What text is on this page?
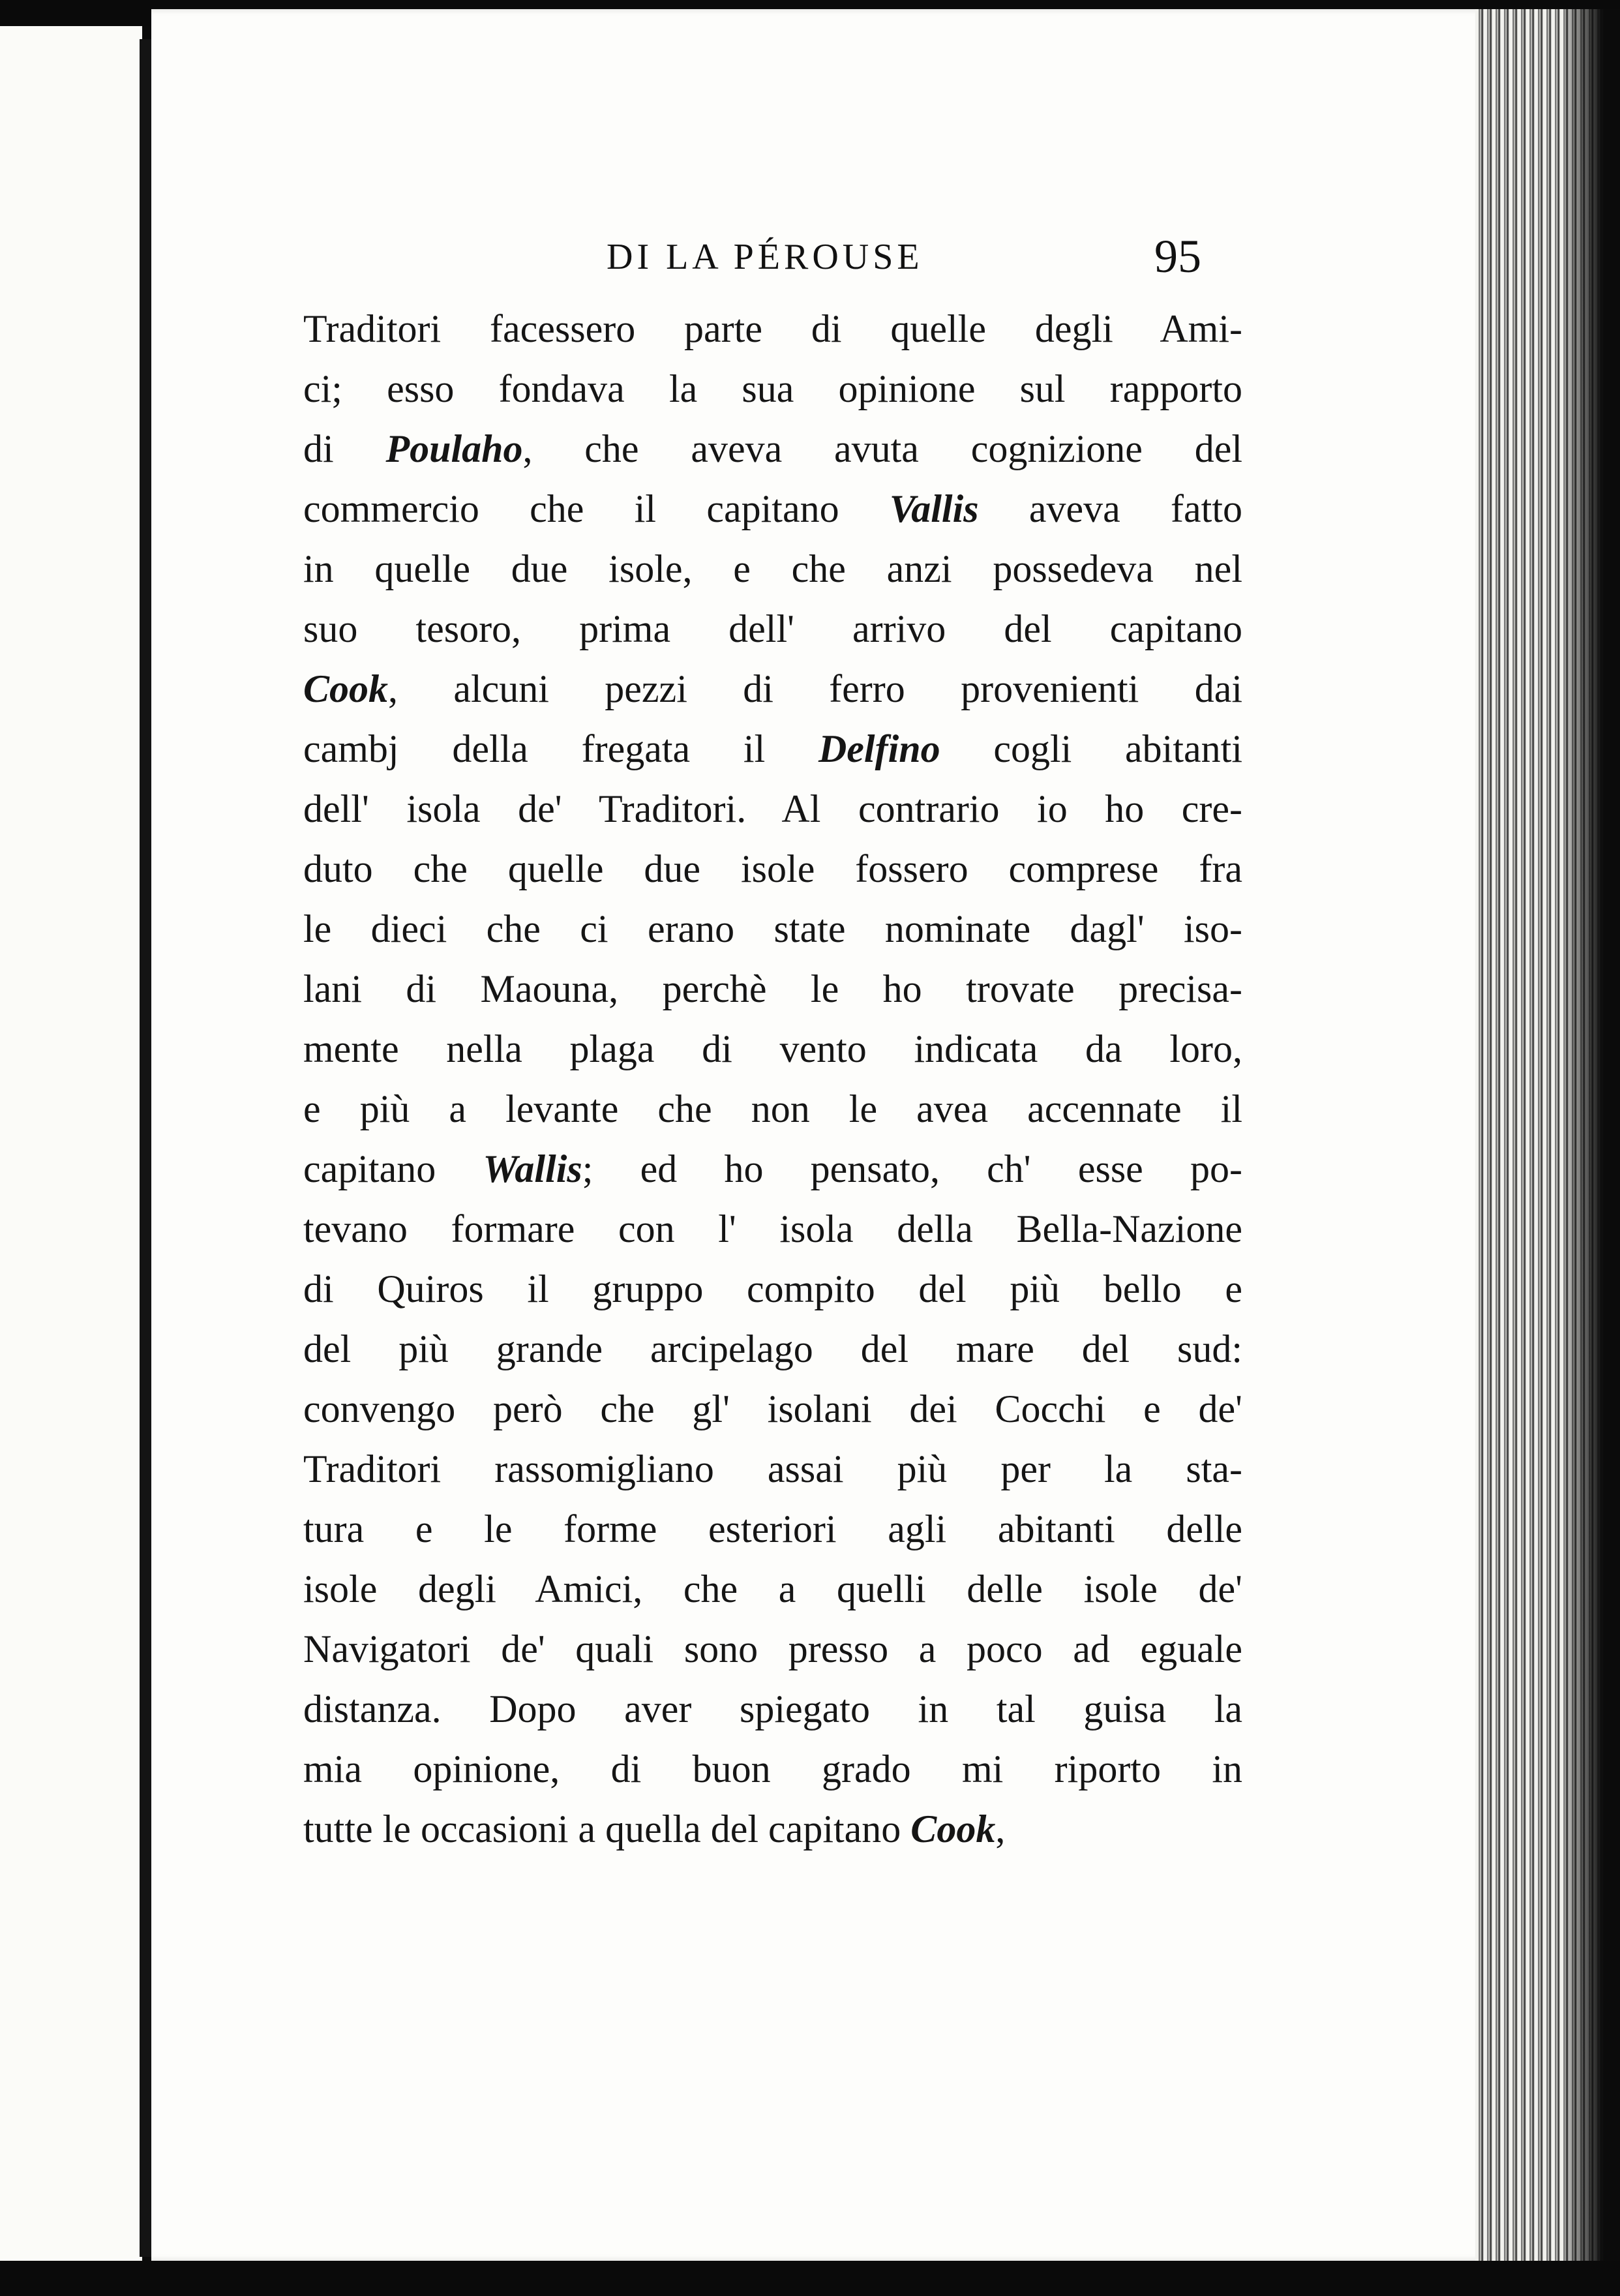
DI LA PÉROUSE	95
Traditori facessero parte di quelle degli Ami-
ci; esso fondava la sua opinione sul rapporto
di Poulaho, che aveva avuta cognizione del
commercio che il capitano Vallis aveva fatto
in quelle due isole, e che anzi possedeva nel
suo tesoro, prima dell' arrivo del capitano
Cook, alcuni pezzi di ferro provenienti dai
cambj della fregata il Delfino cogli abitanti
dell' isola de' Traditori. Al contrario io ho cre-
duto che quelle due isole fossero comprese fra
le dieci che ci erano state nominate dagl' iso-
lani di Maouna, perchè le ho trovate precisa-
mente nella plaga di vento indicata da loro,
e più a levante che non le avea accennate il
capitano Wallis; ed ho pensato, ch' esse po-
tevano formare con l' isola della Bella-Nazione
di Quiros il gruppo compito del più bello e
del più grande arcipelago del mare del sud:
convengo però che gl' isolani dei Cocchi e de'
Traditori rassomigliano assai più per la sta-
tura e le forme esteriori agli abitanti delle
isole degli Amici, che a quelli delle isole de'
Navigatori de' quali sono presso a poco ad eguale
distanza. Dopo aver spiegato in tal guisa la
mia opinione, di buon grado mi riporto in
tutte le occasioni a quella del capitano Cook,
